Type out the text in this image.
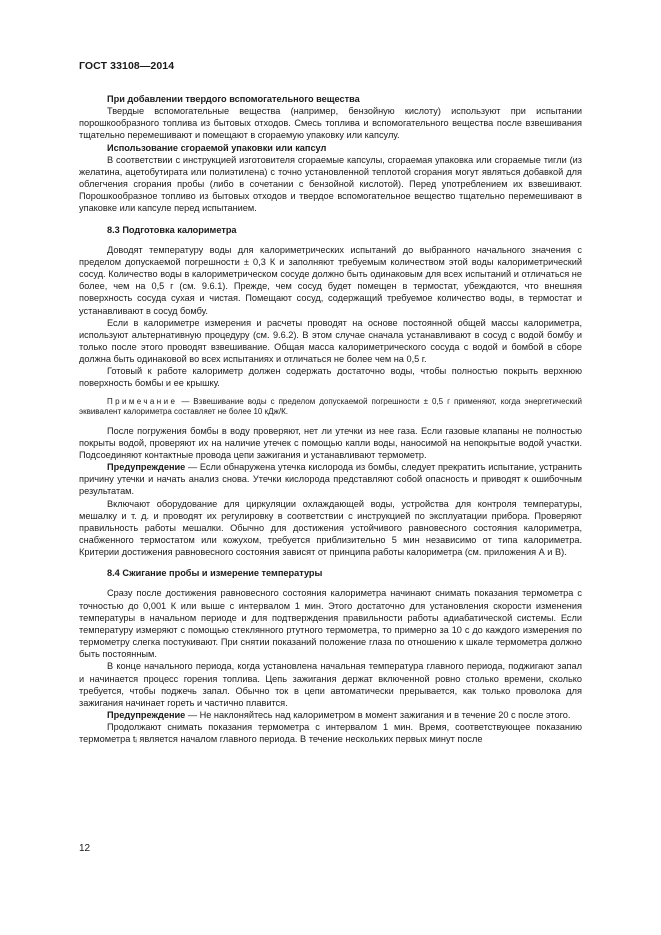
ГОСТ 33108—2014

При добавлении твердого вспомогательного вещества

Твердые вспомогательные вещества (например, бензойную кислоту) используют при испытании порошкообразного топлива из бытовых отходов. Смесь топлива и вспомогательного вещества после взвешивания тщательно перемешивают и помещают в сгораемую упаковку или капсулу.

Использование сгораемой упаковки или капсул

В соответствии с инструкцией изготовителя сгораемые капсулы, сгораемая упаковка или сгораемые тигли (из желатина, ацетобутирата или полиэтилена) с точно установленной теплотой сгорания могут являться добавкой для облегчения сгорания пробы (либо в сочетании с бензойной кислотой). Перед употреблением их взвешивают. Порошкообразное топливо из бытовых отходов и твердое вспомогательное вещество тщательно перемешивают в упаковке или капсуле перед испытанием.

8.3 Подготовка калориметра

Доводят температуру воды для калориметрических испытаний до выбранного начального значения с пределом допускаемой погрешности ± 0,3 К и заполняют требуемым количеством этой воды калориметрический сосуд. Количество воды в калориметрическом сосуде должно быть одинаковым для всех испытаний и отличаться не более, чем на 0,5 г (см. 9.6.1). Прежде, чем сосуд будет помещен в термостат, убеждаются, что внешняя поверхность сосуда сухая и чистая. Помещают сосуд, содержащий требуемое количество воды, в термостат и устанавливают в сосуд бомбу.

Если в калориметре измерения и расчеты проводят на основе постоянной общей массы калориметра, используют альтернативную процедуру (см. 9.6.2). В этом случае сначала устанавливают в сосуд с водой бомбу и только после этого проводят взвешивание. Общая масса калориметрического сосуда с водой и бомбой в сборе должна быть одинаковой во всех испытаниях и отличаться не более чем на 0,5 г.

Готовый к работе калориметр должен содержать достаточно воды, чтобы полностью покрыть верхнюю поверхность бомбы и ее крышку.

Примечание — Взвешивание воды с пределом допускаемой погрешности ± 0,5 г применяют, когда энергетический эквивалент калориметра составляет не более 10 кДж/К.

После погружения бомбы в воду проверяют, нет ли утечки из нее газа. Если газовые клапаны не полностью покрыты водой, проверяют их на наличие утечек с помощью капли воды, наносимой на непокрытые водой участки. Подсоединяют контактные провода цепи зажигания и устанавливают термометр.

Предупреждение — Если обнаружена утечка кислорода из бомбы, следует прекратить испытание, устранить причину утечки и начать анализ снова. Утечки кислорода представляют собой опасность и приводят к ошибочным результатам.

Включают оборудование для циркуляции охлаждающей воды, устройства для контроля температуры, мешалку и т. д. и проводят их регулировку в соответствии с инструкцией по эксплуатации прибора. Проверяют правильность работы мешалки. Обычно для достижения устойчивого равновесного состояния калориметра, снабженного термостатом или кожухом, требуется приблизительно 5 мин независимо от типа калориметра. Критерии достижения равновесного состояния зависят от принципа работы калориметра (см. приложения А и В).

8.4 Сжигание пробы и измерение температуры

Сразу после достижения равновесного состояния калориметра начинают снимать показания термометра с точностью до 0,001 К или выше с интервалом 1 мин. Этого достаточно для установления скорости изменения температуры в начальном периоде и для подтверждения правильности работы адиабатической системы. Если температуру измеряют с помощью стеклянного ртутного термометра, то примерно за 10 с до каждого измерения по термометру слегка постукивают. При снятии показаний положение глаза по отношению к шкале термометра должно быть постоянным.

В конце начального периода, когда установлена начальная температура главного периода, поджигают запал и начинается процесс горения топлива. Цепь зажигания держат включенной ровно столько времени, сколько требуется, чтобы поджечь запал. Обычно ток в цепи автоматически прерывается, как только проволока для зажигания начинает гореть и частично плавится.

Предупреждение — Не наклоняйтесь над калориметром в момент зажигания и в течение 20 с после этого.

Продолжают снимать показания термометра с интервалом 1 мин. Время, соответствующее показанию термометра tᵢ является началом главного периода. В течение нескольких первых минут после

12
